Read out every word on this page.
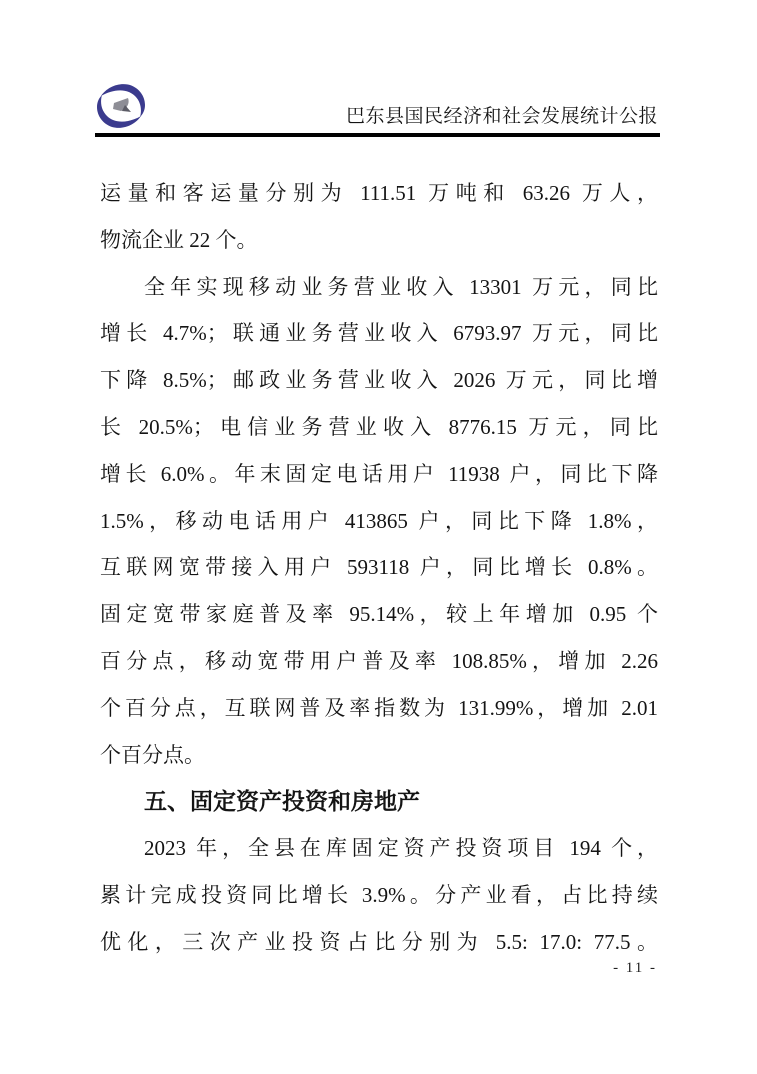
巴东县国民经济和社会发展统计公报
运量和客运量分别为 111.51 万吨和 63.26 万人，
物流企业 22 个。
全年实现移动业务营业收入 13301 万元，同比
增长 4.7%；联通业务营业收入 6793.97 万元，同比
下降 8.5%；邮政业务营业收入 2026 万元，同比增
长 20.5%；电信业务营业收入 8776.15 万元，同比
增长 6.0%。年末固定电话用户 11938 户，同比下降
1.5%，移动电话用户 413865 户，同比下降 1.8%，
互联网宽带接入用户 593118 户，同比增长 0.8%。
固定宽带家庭普及率 95.14%，较上年增加 0.95 个
百分点，移动宽带用户普及率 108.85%，增加 2.26
个百分点，互联网普及率指数为 131.99%，增加 2.01
个百分点。
五、固定资产投资和房地产
2023 年，全县在库固定资产投资项目 194 个，
累计完成投资同比增长 3.9%。分产业看，占比持续
优化，三次产业投资占比分别为 5.5: 17.0: 77.5。
- 11 -
